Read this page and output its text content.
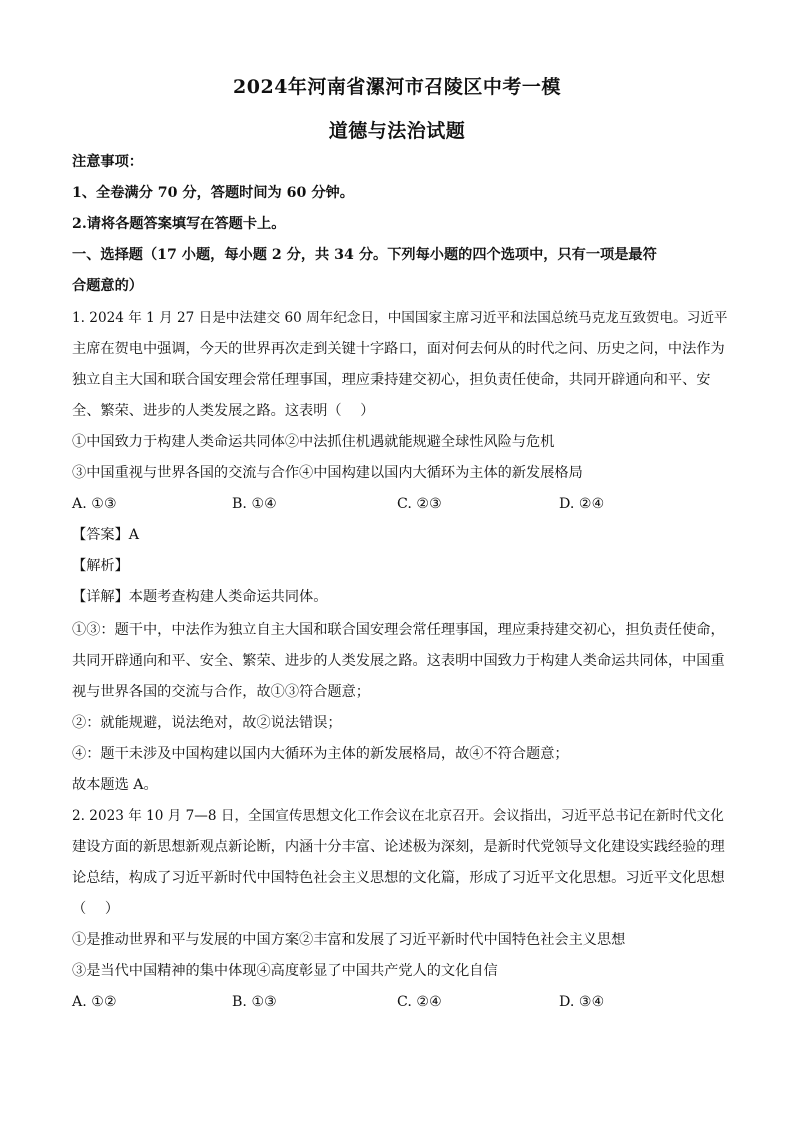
2024年河南省漯河市召陵区中考一模
道德与法治试题
注意事项：
1、全卷满分 70 分，答题时间为 60 分钟。
2.请将各题答案填写在答题卡上。
一、选择题（17 小题，每小题 2 分，共 34 分。下列每小题的四个选项中，只有一项是最符
合题意的）
1. 2024 年 1 月 27 日是中法建交 60 周年纪念日，中国国家主席习近平和法国总统马克龙互致贺电。习近平
主席在贺电中强调，今天的世界再次走到关键十字路口，面对何去何从的时代之问、历史之问，中法作为
独立自主大国和联合国安理会常任理事国，理应秉持建交初心，担负责任使命，共同开辟通向和平、安
全、繁荣、进步的人类发展之路。这表明（　 ）
①中国致力于构建人类命运共同体②中法抓住机遇就能规避全球性风险与危机
③中国重视与世界各国的交流与合作④中国构建以国内大循环为主体的新发展格局
A. ①③	B. ①④	C. ②③	D. ②④
【答案】A
【解析】
【详解】本题考查构建人类命运共同体。
①③：题干中，中法作为独立自主大国和联合国安理会常任理事国，理应秉持建交初心，担负责任使命，
共同开辟通向和平、安全、繁荣、进步的人类发展之路。这表明中国致力于构建人类命运共同体，中国重
视与世界各国的交流与合作，故①③符合题意；
②：就能规避，说法绝对，故②说法错误；
④：题干未涉及中国构建以国内大循环为主体的新发展格局，故④不符合题意；
故本题选 A。
2. 2023 年 10 月 7—8 日，全国宣传思想文化工作会议在北京召开。会议指出，习近平总书记在新时代文化
建设方面的新思想新观点新论断，内涵十分丰富、论述极为深刻，是新时代党领导文化建设实践经验的理
论总结，构成了习近平新时代中国特色社会主义思想的文化篇，形成了习近平文化思想。习近平文化思想
（　 ）
①是推动世界和平与发展的中国方案②丰富和发展了习近平新时代中国特色社会主义思想
③是当代中国精神的集中体现④高度彰显了中国共产党人的文化自信
A. ①②	B. ①③	C. ②④	D. ③④
